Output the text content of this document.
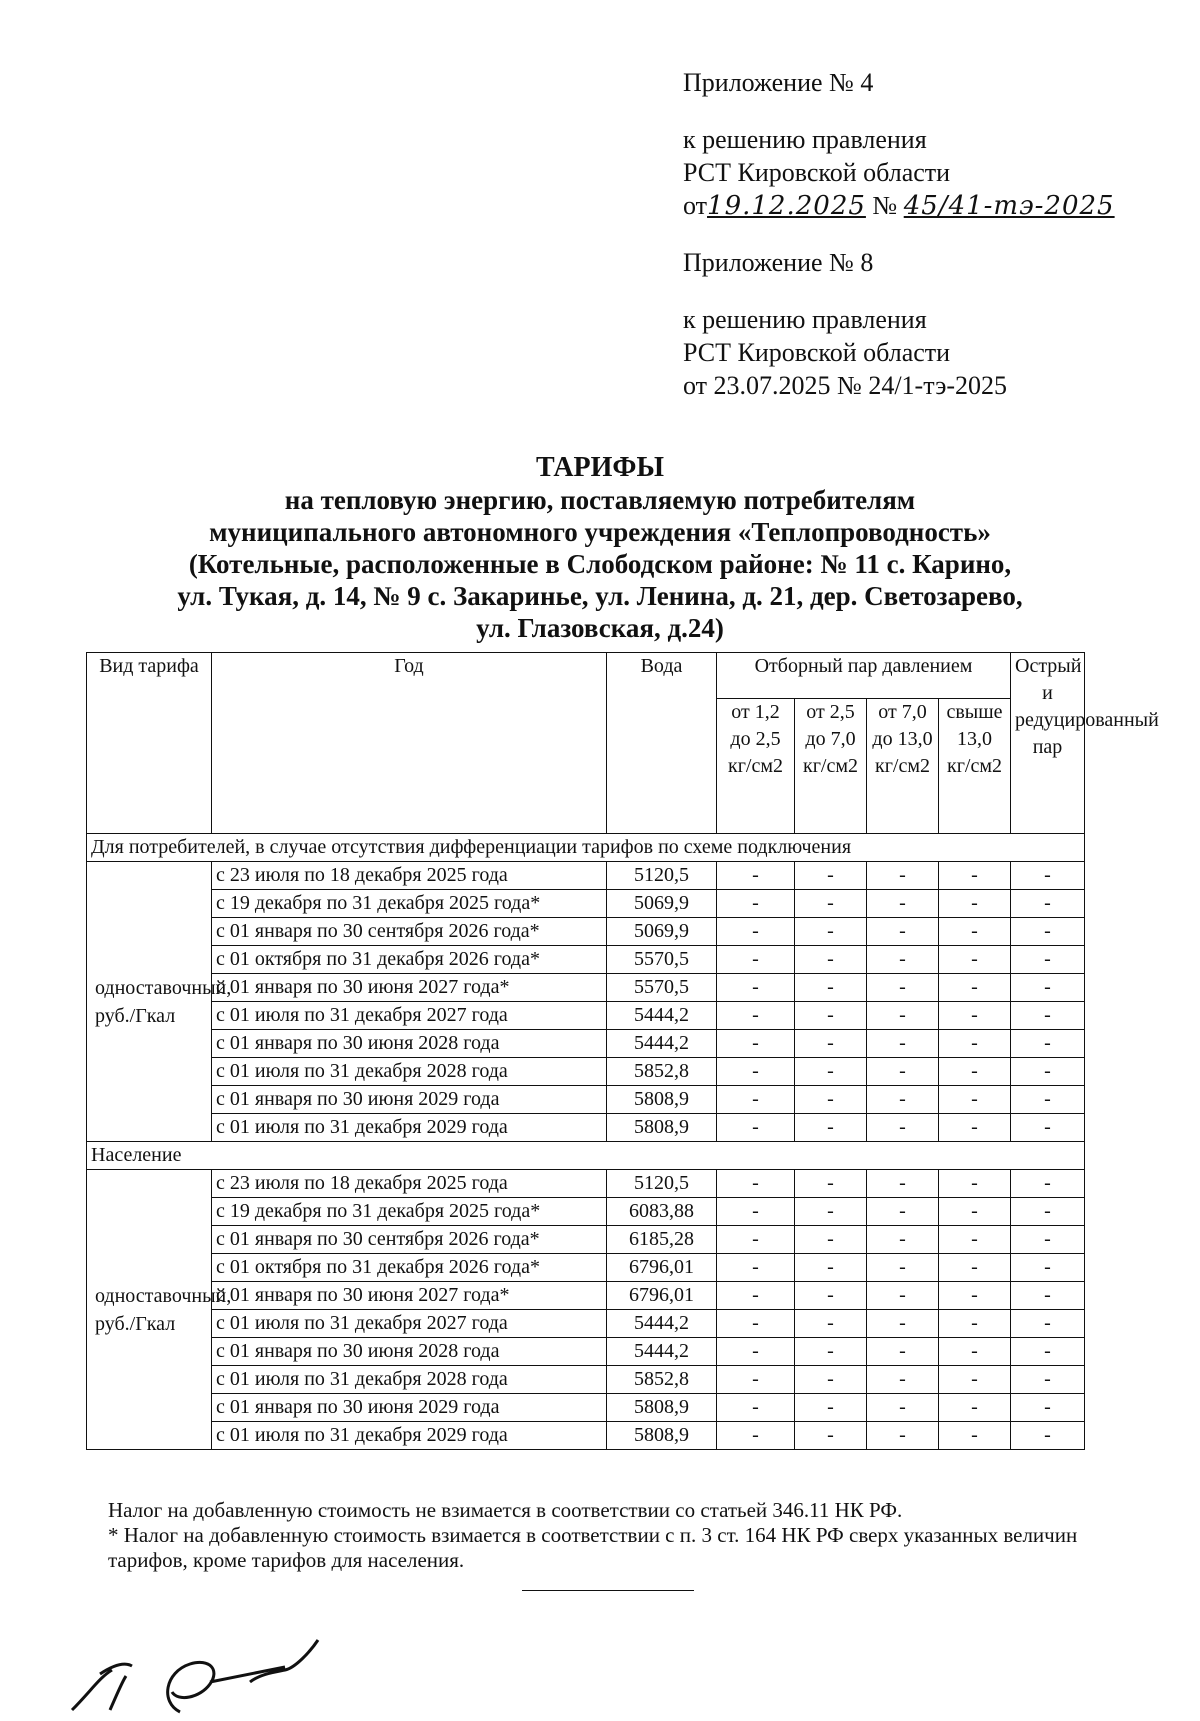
Приложение № 4
к решению правления
РСТ Кировской области
от19.12.2025 № 45/41-тэ-2025
Приложение № 8
к решению правления
РСТ Кировской области
от 23.07.2025 № 24/1-тэ-2025
ТАРИФЫ
на тепловую энергию, поставляемую потребителям
муниципального автономного учреждения «Теплопроводность»
(Котельные, расположенные в Слободском районе: № 11 с. Карино,
ул. Тукая, д. 14, № 9 с. Закаринье, ул. Ленина, д. 21, дер. Светозарево,
ул. Глазовская, д.24)
Вид тарифа	Год	Вода	Отборный пар давлением				Острый и редуцированный пар
			от 1,2 до 2,5 кг/см2	от 2,5 до 7,0 кг/см2	от 7,0 до 13,0 кг/см2	свыше 13,0 кг/см2	
Для потребителей, в случае отсутствия дифференциации тарифов по схеме подключения							
одноставочный, руб./Гкал	с 23 июля по 18 декабря 2025 года	5120,5	-	-	-	-	-
	с 19 декабря по 31 декабря 2025 года*	5069,9	-	-	-	-	-
	с 01 января по 30 сентября 2026 года*	5069,9	-	-	-	-	-
	с 01 октября по 31 декабря 2026 года*	5570,5	-	-	-	-	-
	с 01 января по 30 июня 2027 года*	5570,5	-	-	-	-	-
	с 01 июля по 31 декабря 2027 года	5444,2	-	-	-	-	-
	с 01 января по 30 июня 2028 года	5444,2	-	-	-	-	-
	с 01 июля по 31 декабря 2028 года	5852,8	-	-	-	-	-
	с 01 января по 30 июня 2029 года	5808,9	-	-	-	-	-
	с 01 июля по 31 декабря 2029 года	5808,9	-	-	-	-	-
Население							
одноставочный, руб./Гкал	с 23 июля по 18 декабря 2025 года	5120,5	-	-	-	-	-
	с 19 декабря по 31 декабря 2025 года*	6083,88	-	-	-	-	-
	с 01 января по 30 сентября 2026 года*	6185,28	-	-	-	-	-
	с 01 октября по 31 декабря 2026 года*	6796,01	-	-	-	-	-
	с 01 января по 30 июня 2027 года*	6796,01	-	-	-	-	-
	с 01 июля по 31 декабря 2027 года	5444,2	-	-	-	-	-
	с 01 января по 30 июня 2028 года	5444,2	-	-	-	-	-
	с 01 июля по 31 декабря 2028 года	5852,8	-	-	-	-	-
	с 01 января по 30 июня 2029 года	5808,9	-	-	-	-	-
	с 01 июля по 31 декабря 2029 года	5808,9	-	-	-	-	-
Налог на добавленную стоимость не взимается в соответствии со статьей 346.11 НК РФ.
* Налог на добавленную стоимость взимается в соответствии с п. 3 ст. 164 НК РФ сверх указанных величин тарифов, кроме тарифов для населения.
